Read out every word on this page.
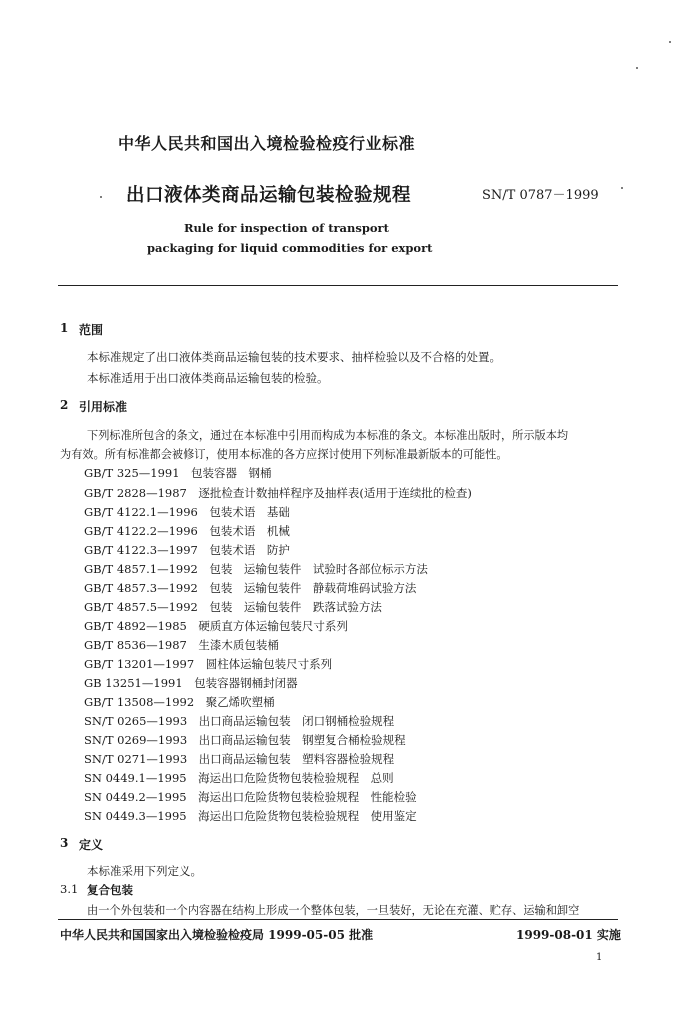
中华人民共和国出入境检验检疫行业标准
出口液体类商品运输包装检验规程	SN/T 0787－1999
Rule for inspection of transport
packaging for liquid commodities for export
1 范围
本标准规定了出口液体类商品运输包装的技术要求、抽样检验以及不合格的处置。
本标准适用于出口液体类商品运输包装的检验。
2 引用标准
下列标准所包含的条文，通过在本标准中引用而构成为本标准的条文。本标准出版时，所示版本均
为有效。所有标准都会被修订，使用本标准的各方应探讨使用下列标准最新版本的可能性。
GB/T 325—1991　包装容器　钢桶
GB/T 2828—1987　逐批检查计数抽样程序及抽样表(适用于连续批的检查)
GB/T 4122.1—1996　包装术语　基础
GB/T 4122.2—1996　包装术语　机械
GB/T 4122.3—1997　包装术语　防护
GB/T 4857.1—1992　包装　运输包装件　试验时各部位标示方法
GB/T 4857.3—1992　包装　运输包装件　静载荷堆码试验方法
GB/T 4857.5—1992　包装　运输包装件　跌落试验方法
GB/T 4892—1985　硬质直方体运输包装尺寸系列
GB/T 8536—1987　生漆木质包装桶
GB/T 13201—1997　圆柱体运输包装尺寸系列
GB 13251—1991　包装容器钢桶封闭器
GB/T 13508—1992　聚乙烯吹塑桶
SN/T 0265—1993　出口商品运输包装　闭口钢桶检验规程
SN/T 0269—1993　出口商品运输包装　钢塑复合桶检验规程
SN/T 0271—1993　出口商品运输包装　塑料容器检验规程
SN 0449.1—1995　海运出口危险货物包装检验规程　总则
SN 0449.2—1995　海运出口危险货物包装检验规程　性能检验
SN 0449.3—1995　海运出口危险货物包装检验规程　使用鉴定
3 定义
本标准采用下列定义。
3.1 复合包装
由一个外包装和一个内容器在结构上形成一个整体包装，一旦装好，无论在充灌、贮存、运输和卸空
中华人民共和国国家出入境检验检疫局 1999-05-05 批准	1999-08-01 实施
1
